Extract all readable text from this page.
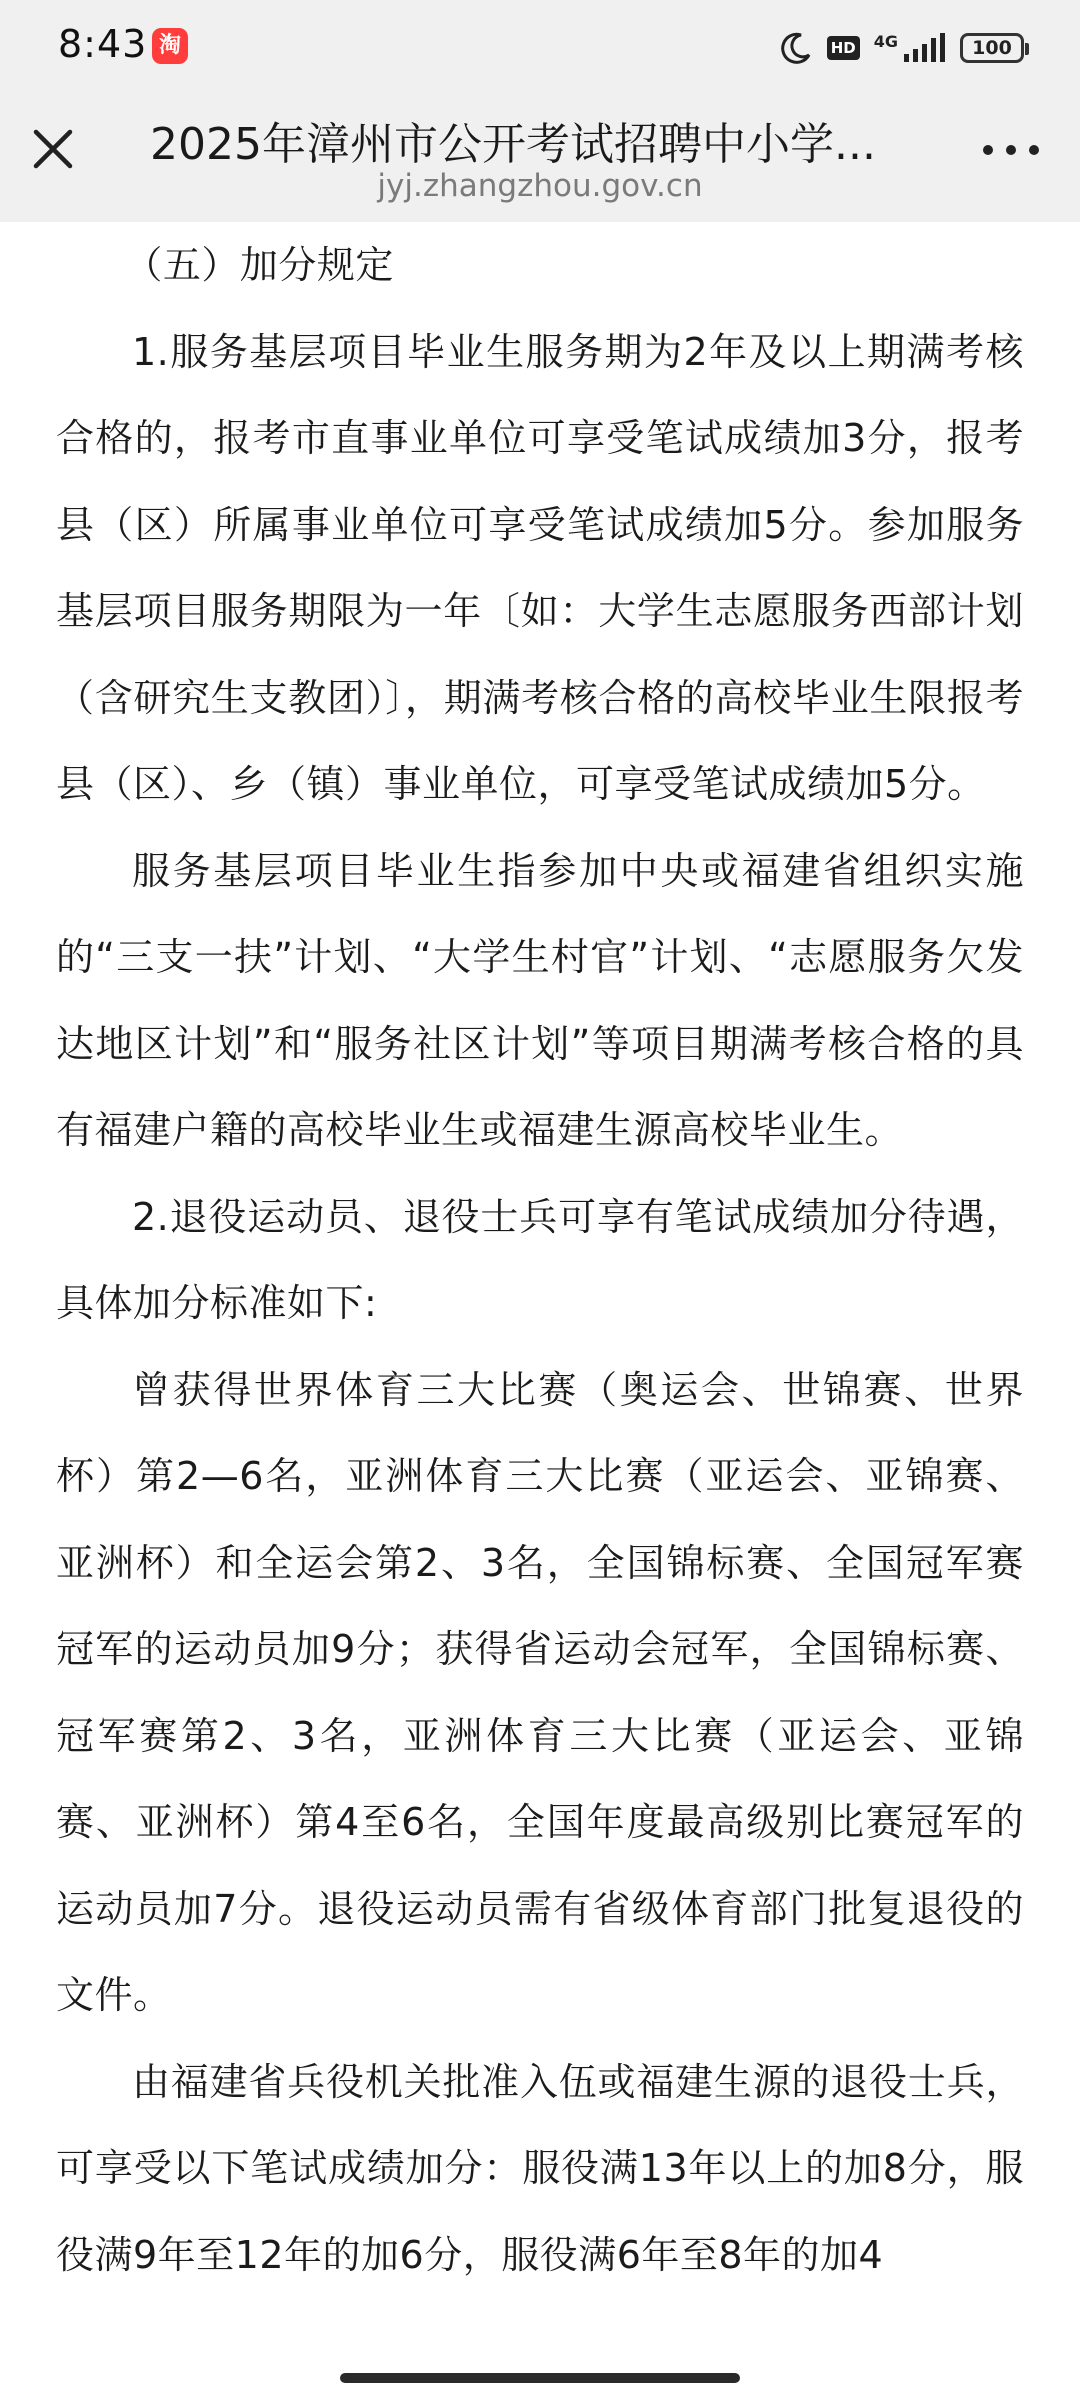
8:43 淘	HD 4G	100
2025年漳州市公开考试招聘中小学...
jyj.zhangzhou.gov.cn

（五）加分规定

1.服务基层项目毕业生服务期为2年及以上期满考核合格的，报考市直事业单位可享受笔试成绩加3分，报考县（区）所属事业单位可享受笔试成绩加5分。参加服务基层项目服务期限为一年〔如：大学生志愿服务西部计划（含研究生支教团）〕，期满考核合格的高校毕业生限报考县（区）、乡（镇）事业单位，可享受笔试成绩加5分。

服务基层项目毕业生指参加中央或福建省组织实施的“三支一扶”计划、“大学生村官”计划、“志愿服务欠发达地区计划”和“服务社区计划”等项目期满考核合格的具有福建户籍的高校毕业生或福建生源高校毕业生。

2.退役运动员、退役士兵可享有笔试成绩加分待遇，具体加分标准如下:

曾获得世界体育三大比赛（奥运会、世锦赛、世界杯）第2—6名，亚洲体育三大比赛（亚运会、亚锦赛、亚洲杯）和全运会第2、3名，全国锦标赛、全国冠军赛冠军的运动员加9分；获得省运动会冠军，全国锦标赛、冠军赛第2、3名，亚洲体育三大比赛（亚运会、亚锦赛、亚洲杯）第4至6名，全国年度最高级别比赛冠军的运动员加7分。退役运动员需有省级体育部门批复退役的文件。

由福建省兵役机关批准入伍或福建生源的退役士兵，可享受以下笔试成绩加分：服役满13年以上的加8分，服役满9年至12年的加6分，服役满6年至8年的加4
